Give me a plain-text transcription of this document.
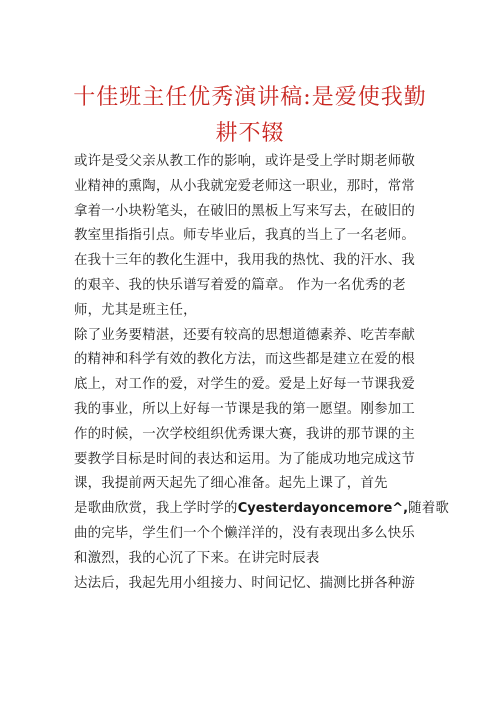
十佳班主任优秀演讲稿:是爱使我勤
耕不辍
或许是受父亲从教工作的影响，或许是受上学时期老师敬
业精神的熏陶，从小我就宠爱老师这一职业，那时，常常
拿着一小块粉笔头，在破旧的黑板上写来写去，在破旧的
教室里指指引点。师专毕业后，我真的当上了一名老师。
在我十三年的教化生涯中，我用我的热忱、我的汗水、我
的艰辛、我的快乐谱写着爱的篇章。 作为一名优秀的老
师，尤其是班主任，
除了业务要精湛，还要有较高的思想道德素养、吃苦奉献
的精神和科学有效的教化方法，而这些都是建立在爱的根
底上，对工作的爱，对学生的爱。爱是上好每一节课我爱
我的事业，所以上好每一节课是我的第一愿望。刚参加工
作的时候，一次学校组织优秀课大赛，我讲的那节课的主
要教学目标是时间的表达和运用。为了能成功地完成这节
课，我提前两天起先了细心准备。起先上课了，首先
是歌曲欣赏，我上学时学的Cyesterdayoncemore^,随着歌
曲的完毕，学生们一个个懒洋洋的，没有表现出多么快乐
和激烈，我的心沉了下来。在讲完时辰表
达法后，我起先用小组接力、时间记忆、揣测比拼各种游
